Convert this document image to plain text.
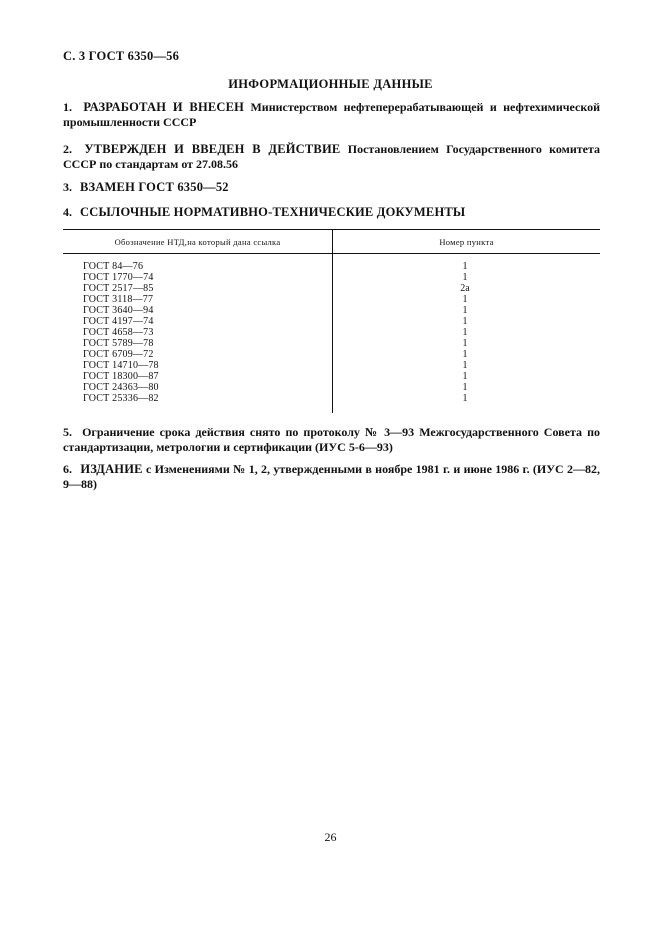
С. 3 ГОСТ 6350—56
ИНФОРМАЦИОННЫЕ ДАННЫЕ
1. РАЗРАБОТАН И ВНЕСЕН Министерством нефтеперерабатывающей и нефтехимической промышленности СССР
2. УТВЕРЖДЕН И ВВЕДЕН В ДЕЙСТВИЕ Постановлением Государственного комитета СССР по стандартам от 27.08.56
3. ВЗАМЕН ГОСТ 6350—52
4. ССЫЛОЧНЫЕ НОРМАТИВНО-ТЕХНИЧЕСКИЕ ДОКУМЕНТЫ
Обозначение НТД,на который дана ссылка	Номер пункта
ГОСТ 84—76	1
ГОСТ 1770—74	1
ГОСТ 2517—85	2а
ГОСТ 3118—77	1
ГОСТ 3640—94	1
ГОСТ 4197—74	1
ГОСТ 4658—73	1
ГОСТ 5789—78	1
ГОСТ 6709—72	1
ГОСТ 14710—78	1
ГОСТ 18300—87	1
ГОСТ 24363—80	1
ГОСТ 25336—82	1
5. Ограничение срока действия снято по протоколу № 3—93 Межгосударственного Совета по стандартизации, метрологии и сертификации (ИУС 5-6—93)
6. ИЗДАНИЕ с Изменениями № 1, 2, утвержденными в ноябре 1981 г. и июне 1986 г. (ИУС 2—82, 9—88)
26
